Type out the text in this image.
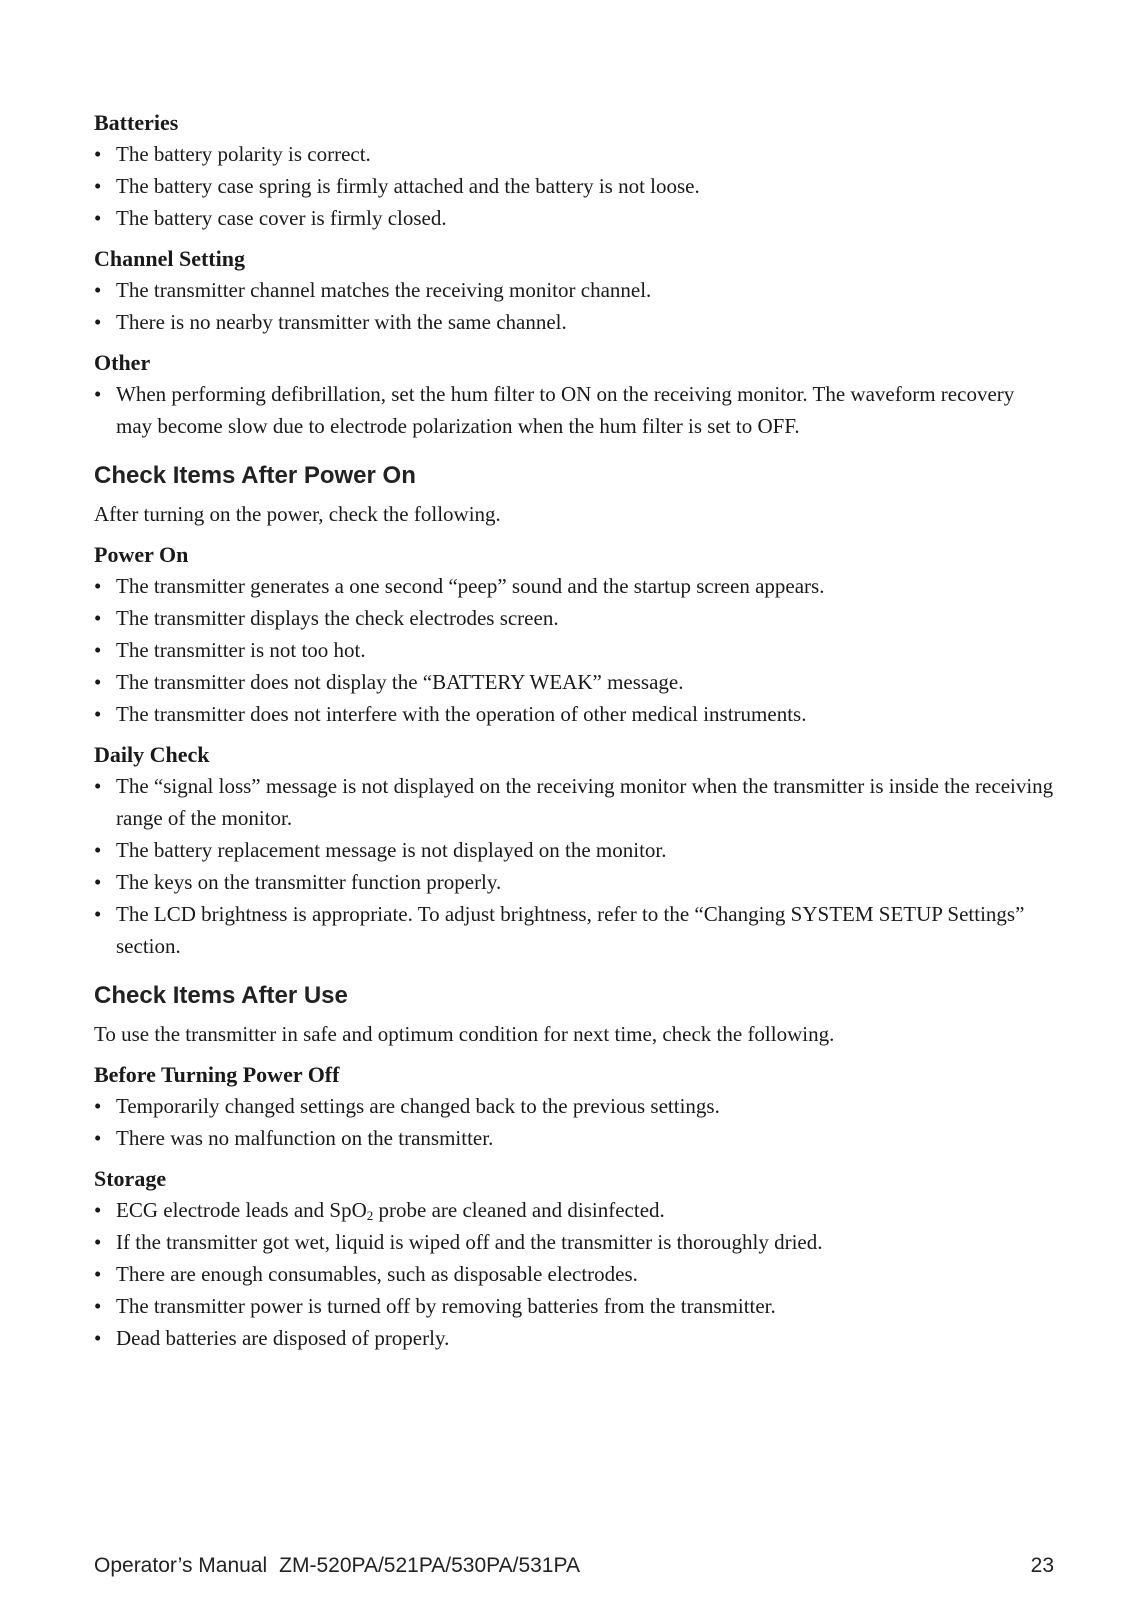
Batteries
• The battery polarity is correct.
• The battery case spring is firmly attached and the battery is not loose.
• The battery case cover is firmly closed.
Channel Setting
• The transmitter channel matches the receiving monitor channel.
• There is no nearby transmitter with the same channel.
Other
• When performing defibrillation, set the hum filter to ON on the receiving monitor. The waveform recovery may become slow due to electrode polarization when the hum filter is set to OFF.
Check Items After Power On

After turning on the power, check the following.

Power On
• The transmitter generates a one second “peep” sound and the startup screen appears.
• The transmitter displays the check electrodes screen.
• The transmitter is not too hot.
• The transmitter does not display the “BATTERY WEAK” message.
• The transmitter does not interfere with the operation of other medical instruments.
Daily Check
• The “signal loss” message is not displayed on the receiving monitor when the transmitter is inside the receiving range of the monitor.
• The battery replacement message is not displayed on the monitor.
• The keys on the transmitter function properly.
• The LCD brightness is appropriate. To adjust brightness, refer to the “Changing SYSTEM SETUP Settings” section.
Check Items After Use

To use the transmitter in safe and optimum condition for next time, check the following.

Before Turning Power Off
• Temporarily changed settings are changed back to the previous settings.
• There was no malfunction on the transmitter.
Storage
• ECG electrode leads and SpO$_2$ probe are cleaned and disinfected.
• If the transmitter got wet, liquid is wiped off and the transmitter is thoroughly dried.
• There are enough consumables, such as disposable electrodes.
• The transmitter power is turned off by removing batteries from the transmitter.
• Dead batteries are disposed of properly.
Operator’s Manual ZM-520PA/521PA/530PA/531PA	23
